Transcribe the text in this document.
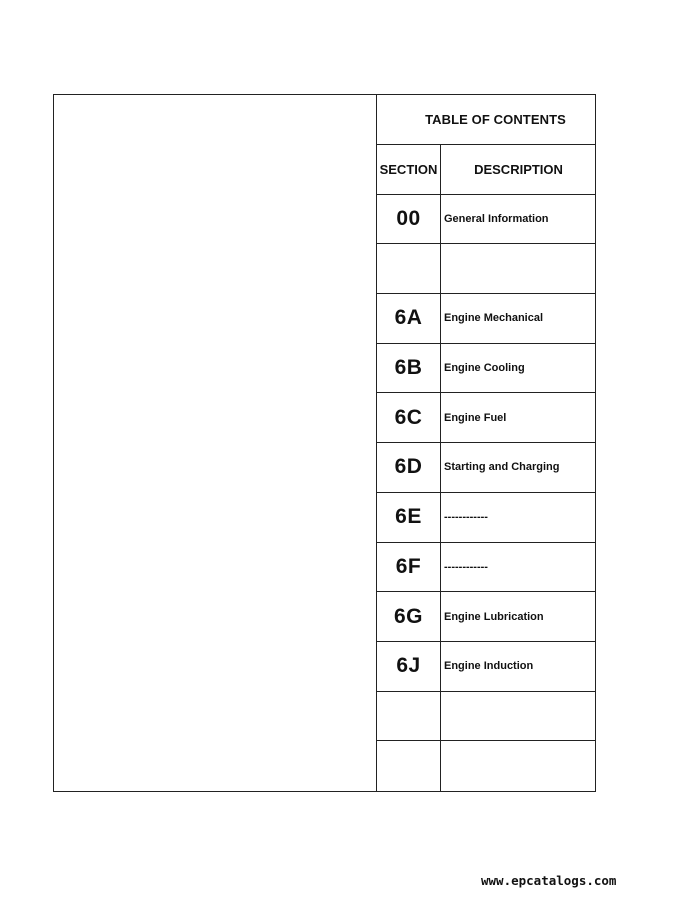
TABLE OF CONTENTS
SECTION	DESCRIPTION
00	General Information
6A	Engine Mechanical
6B	Engine Cooling
6C	Engine Fuel
6D	Starting and Charging
6E	------------
6F	------------
6G	Engine Lubrication
6J	Engine Induction
www.epcatalogs.com
